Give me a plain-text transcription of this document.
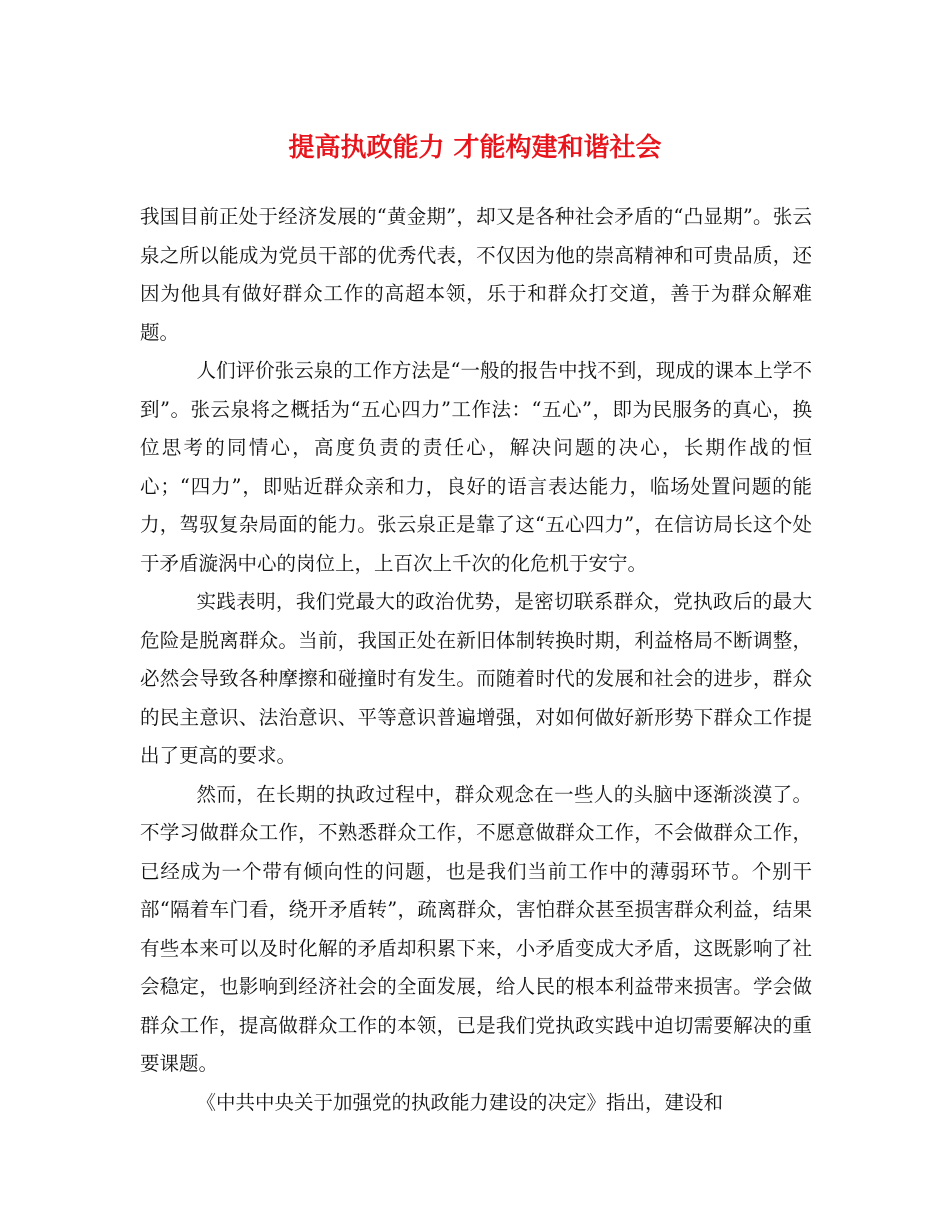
提高执政能力 才能构建和谐社会

我国目前正处于经济发展的“黄金期”，却又是各种社会矛盾的“凸显期”。张云泉之所以能成为党员干部的优秀代表，不仅因为他的崇高精神和可贵品质，还因为他具有做好群众工作的高超本领，乐于和群众打交道，善于为群众解难题。

人们评价张云泉的工作方法是“一般的报告中找不到，现成的课本上学不到”。张云泉将之概括为“五心四力”工作法：“五心”，即为民服务的真心，换位思考的同情心，高度负责的责任心，解决问题的决心，长期作战的恒心；“四力”，即贴近群众亲和力，良好的语言表达能力，临场处置问题的能力，驾驭复杂局面的能力。张云泉正是靠了这“五心四力”，在信访局长这个处于矛盾漩涡中心的岗位上，上百次上千次的化危机于安宁。

实践表明，我们党最大的政治优势，是密切联系群众，党执政后的最大危险是脱离群众。当前，我国正处在新旧体制转换时期，利益格局不断调整，必然会导致各种摩擦和碰撞时有发生。而随着时代的发展和社会的进步，群众的民主意识、法治意识、平等意识普遍增强，对如何做好新形势下群众工作提出了更高的要求。

然而，在长期的执政过程中，群众观念在一些人的头脑中逐渐淡漠了。不学习做群众工作，不熟悉群众工作，不愿意做群众工作，不会做群众工作，已经成为一个带有倾向性的问题，也是我们当前工作中的薄弱环节。个别干部“隔着车门看，绕开矛盾转”，疏离群众，害怕群众甚至损害群众利益，结果有些本来可以及时化解的矛盾却积累下来，小矛盾变成大矛盾，这既影响了社会稳定，也影响到经济社会的全面发展，给人民的根本利益带来损害。学会做群众工作，提高做群众工作的本领，已是我们党执政实践中迫切需要解决的重要课题。

《中共中央关于加强党的执政能力建设的决定》指出，建设和
